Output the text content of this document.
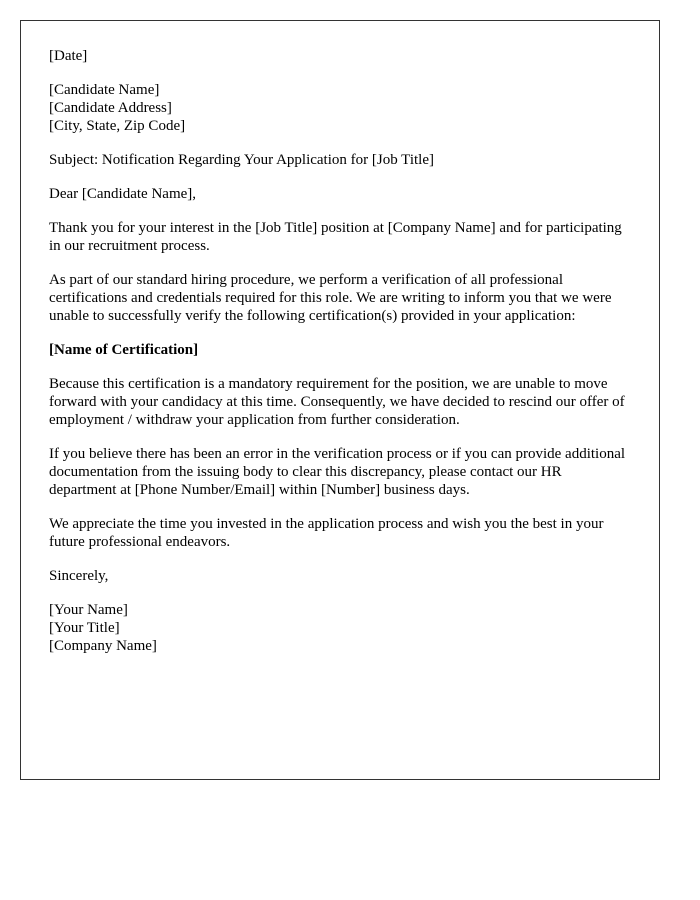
[Date]

[Candidate Name]
[Candidate Address]
[City, State, Zip Code]

Subject: Notification Regarding Your Application for [Job Title]

Dear [Candidate Name],

Thank you for your interest in the [Job Title] position at [Company Name] and for participating in our recruitment process.

As part of our standard hiring procedure, we perform a verification of all professional certifications and credentials required for this role. We are writing to inform you that we were unable to successfully verify the following certification(s) provided in your application:

[Name of Certification]

Because this certification is a mandatory requirement for the position, we are unable to move forward with your candidacy at this time. Consequently, we have decided to rescind our offer of employment / withdraw your application from further consideration.

If you believe there has been an error in the verification process or if you can provide additional documentation from the issuing body to clear this discrepancy, please contact our HR department at [Phone Number/Email] within [Number] business days.

We appreciate the time you invested in the application process and wish you the best in your future professional endeavors.

Sincerely,

[Your Name]
[Your Title]
[Company Name]
